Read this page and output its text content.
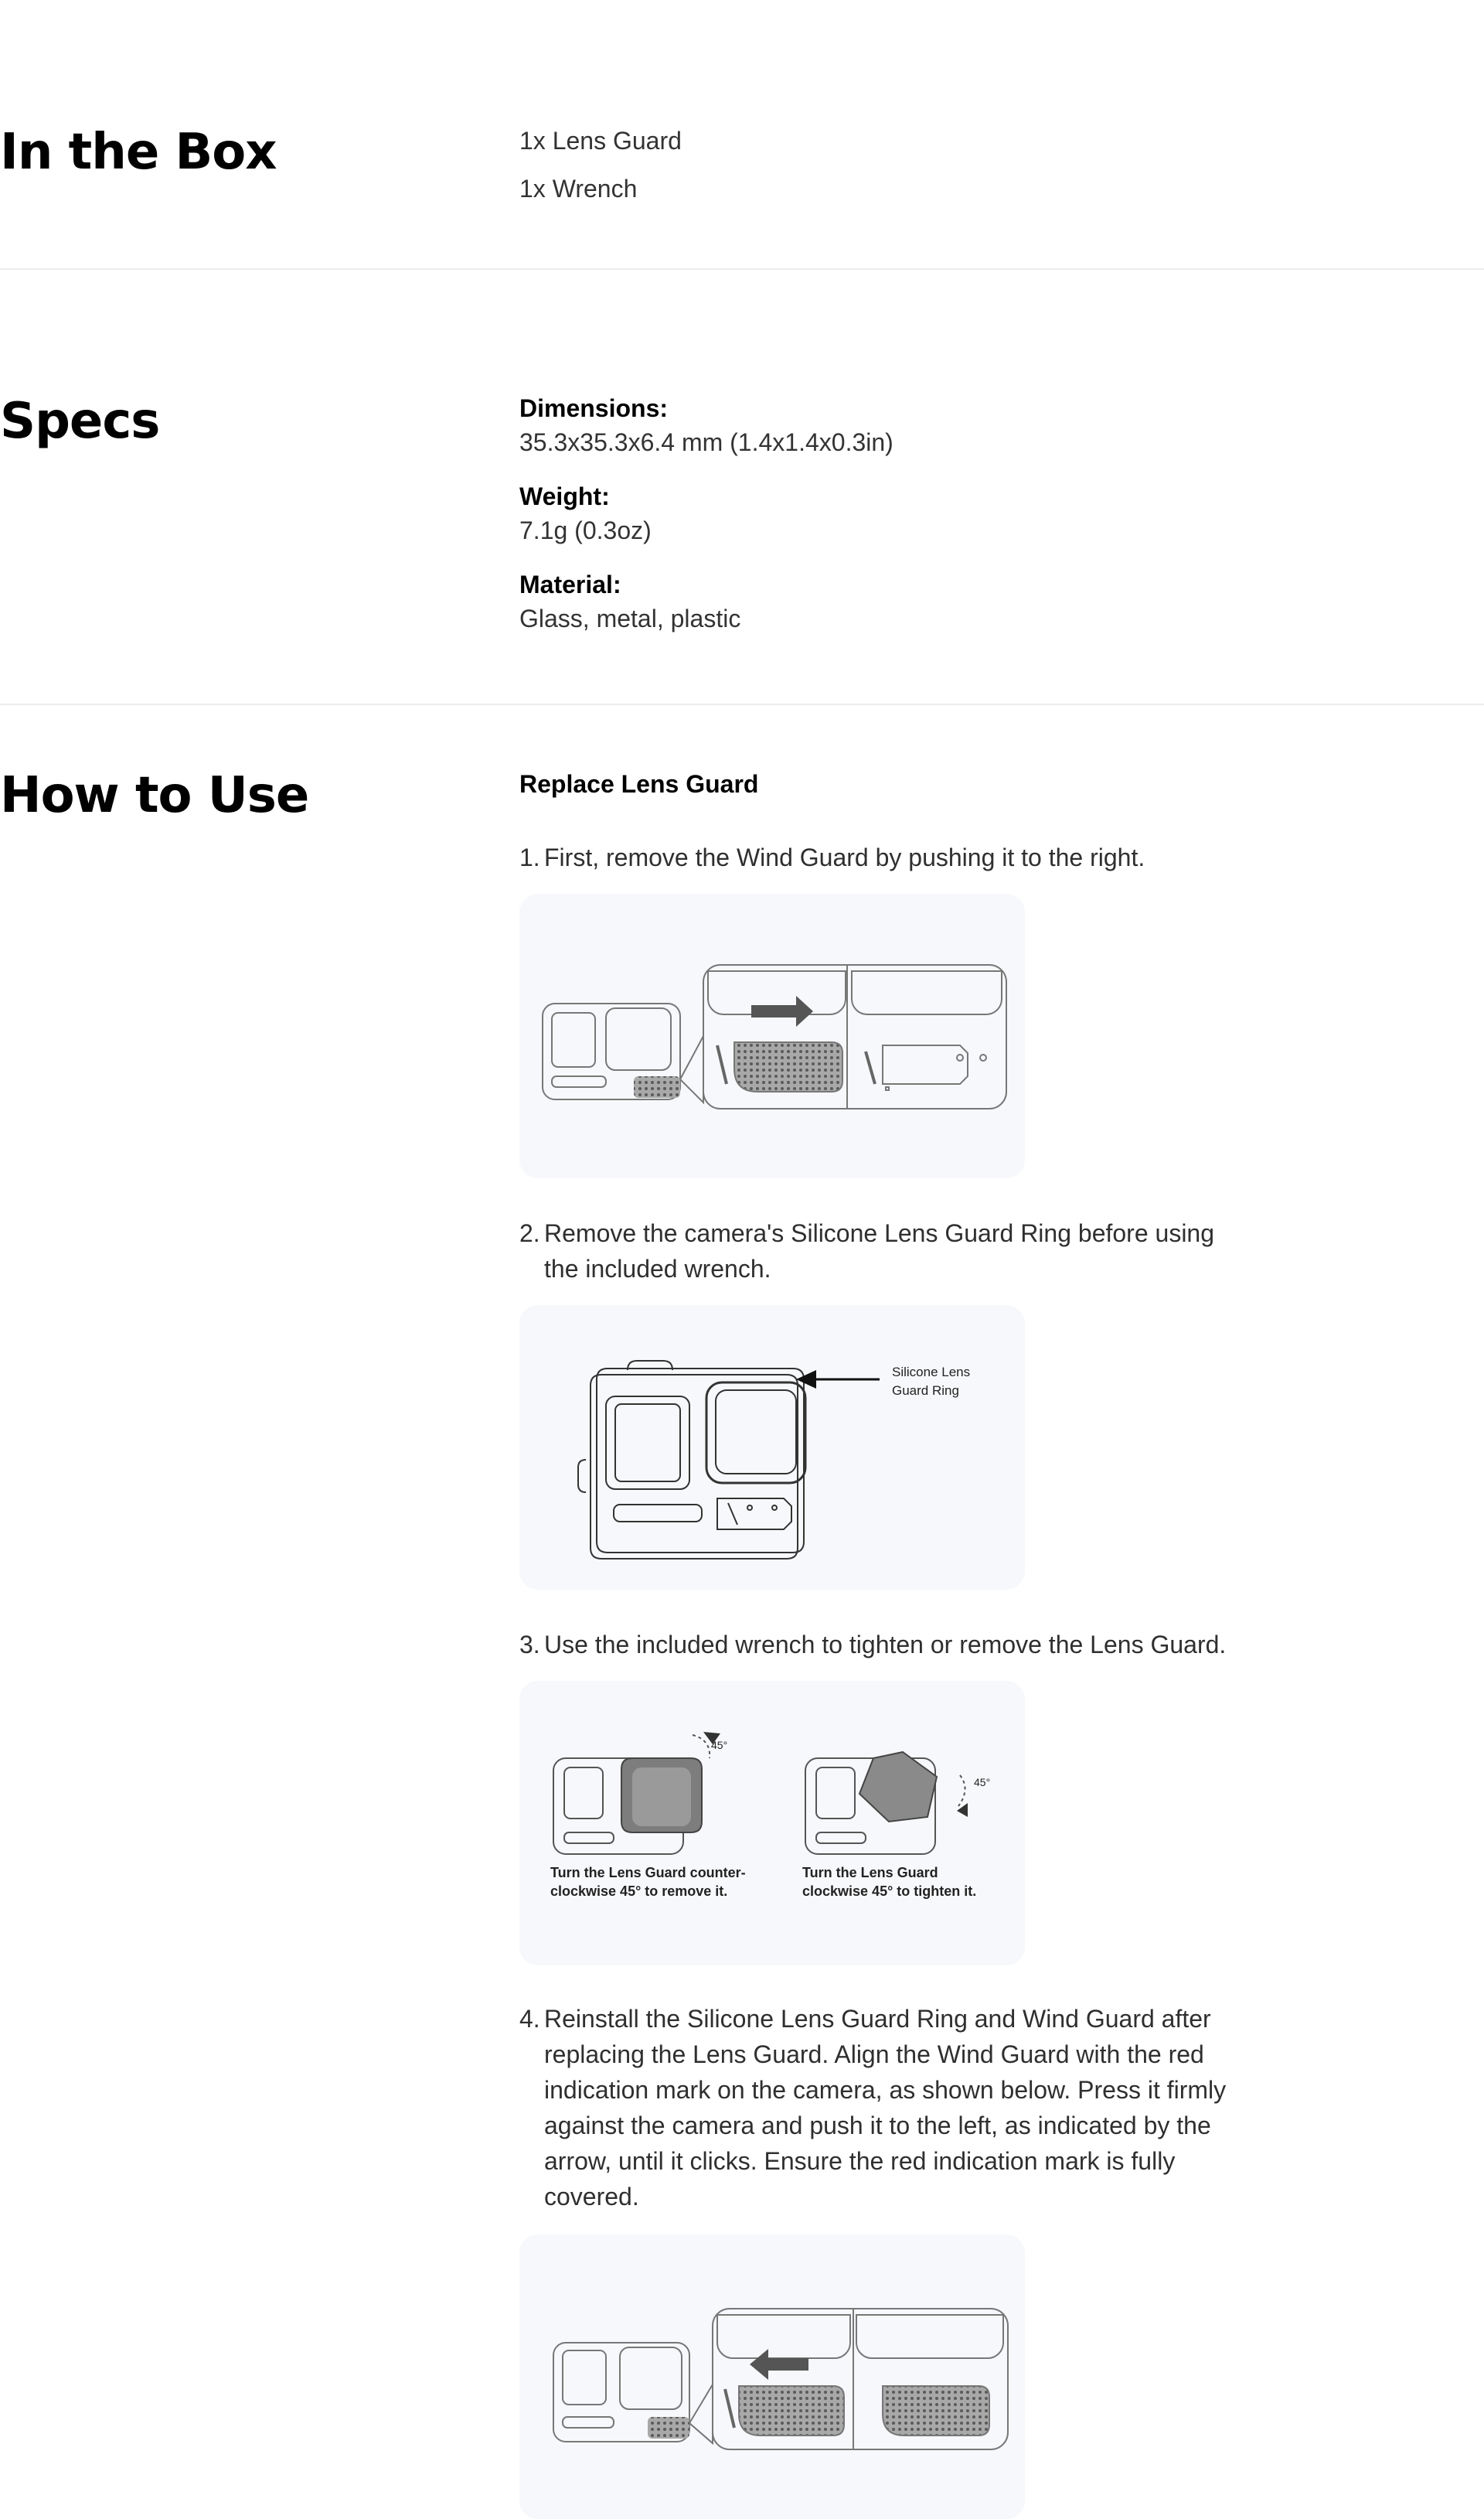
In the Box	1x Lens Guard

1x Wrench

Specs	Dimensions:

35.3x35.3x6.4 mm (1.4x1.4x0.3in)

Weight:

7.1g (0.3oz)

Material:

Glass, metal, plastic

How to Use	Replace Lens Guard

1. First, remove the Wind Guard by pushing it to the right.
2. Remove the camera's Silicone Lens Guard Ring before using the included wrench.
Silicone Lens
Guard Ring
3. Use the included wrench to tighten or remove the Lens Guard.
45°
45°
Turn the Lens Guard counter-
clockwise 45° to remove it.
Turn the Lens Guard
clockwise 45° to tighten it.
4. Reinstall the Silicone Lens Guard Ring and Wind Guard after replacing the Lens Guard. Align the Wind Guard with the red indication mark on the camera, as shown below. Press it firmly against the camera and push it to the left, as indicated by the arrow, until it clicks. Ensure the red indication mark is fully covered.
